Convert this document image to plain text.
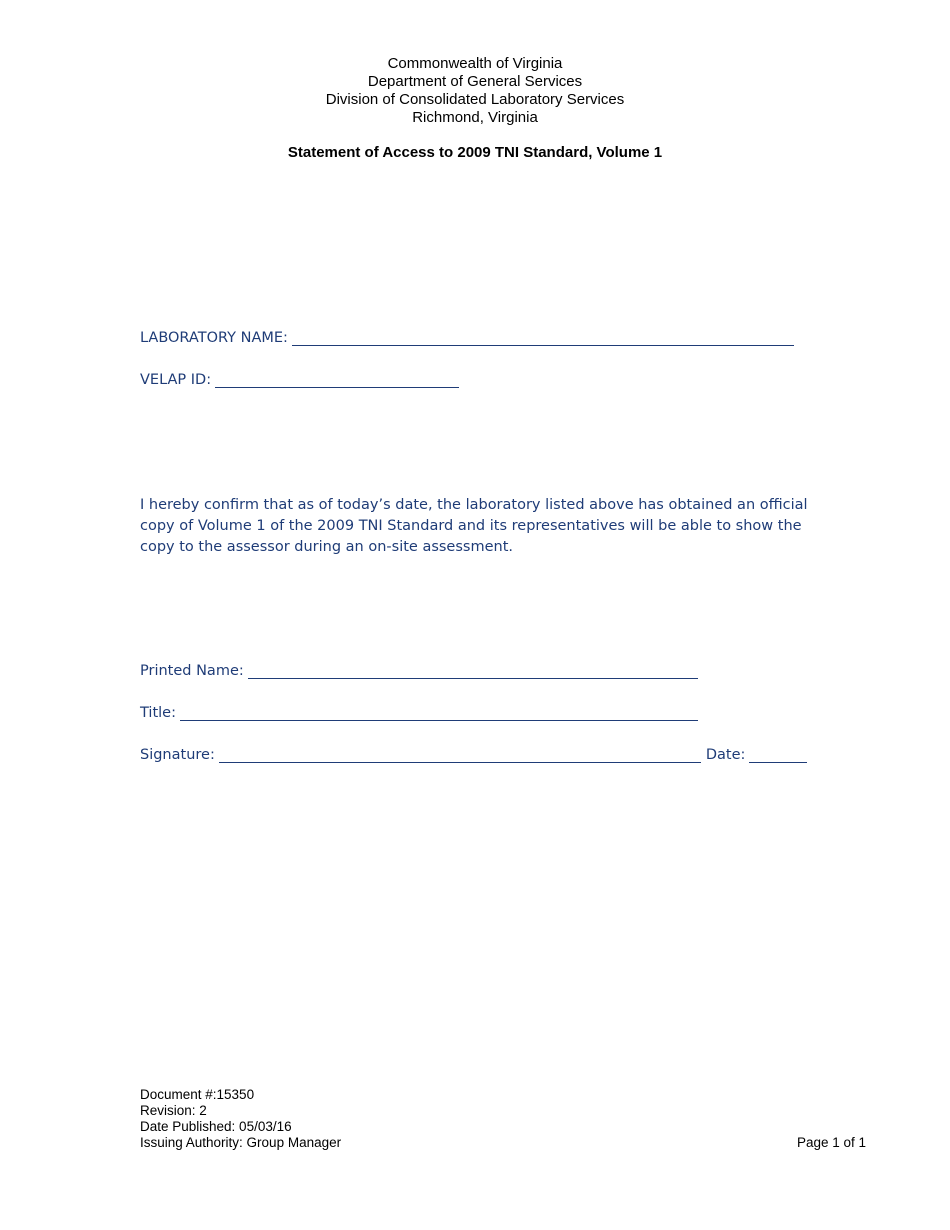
Commonwealth of Virginia
Department of General Services
Division of Consolidated Laboratory Services
Richmond, Virginia
Statement of Access to 2009 TNI Standard, Volume 1
LABORATORY NAME:
VELAP ID:
I hereby confirm that as of today’s date, the laboratory listed above has obtained an official copy of Volume 1 of the 2009 TNI Standard and its representatives will be able to show the copy to the assessor during an on-site assessment.
Printed Name:
Title:
Signature:	Date:
Document #:15350
Revision: 2
Date Published: 05/03/16
Issuing Authority: Group Manager	Page 1 of 1
